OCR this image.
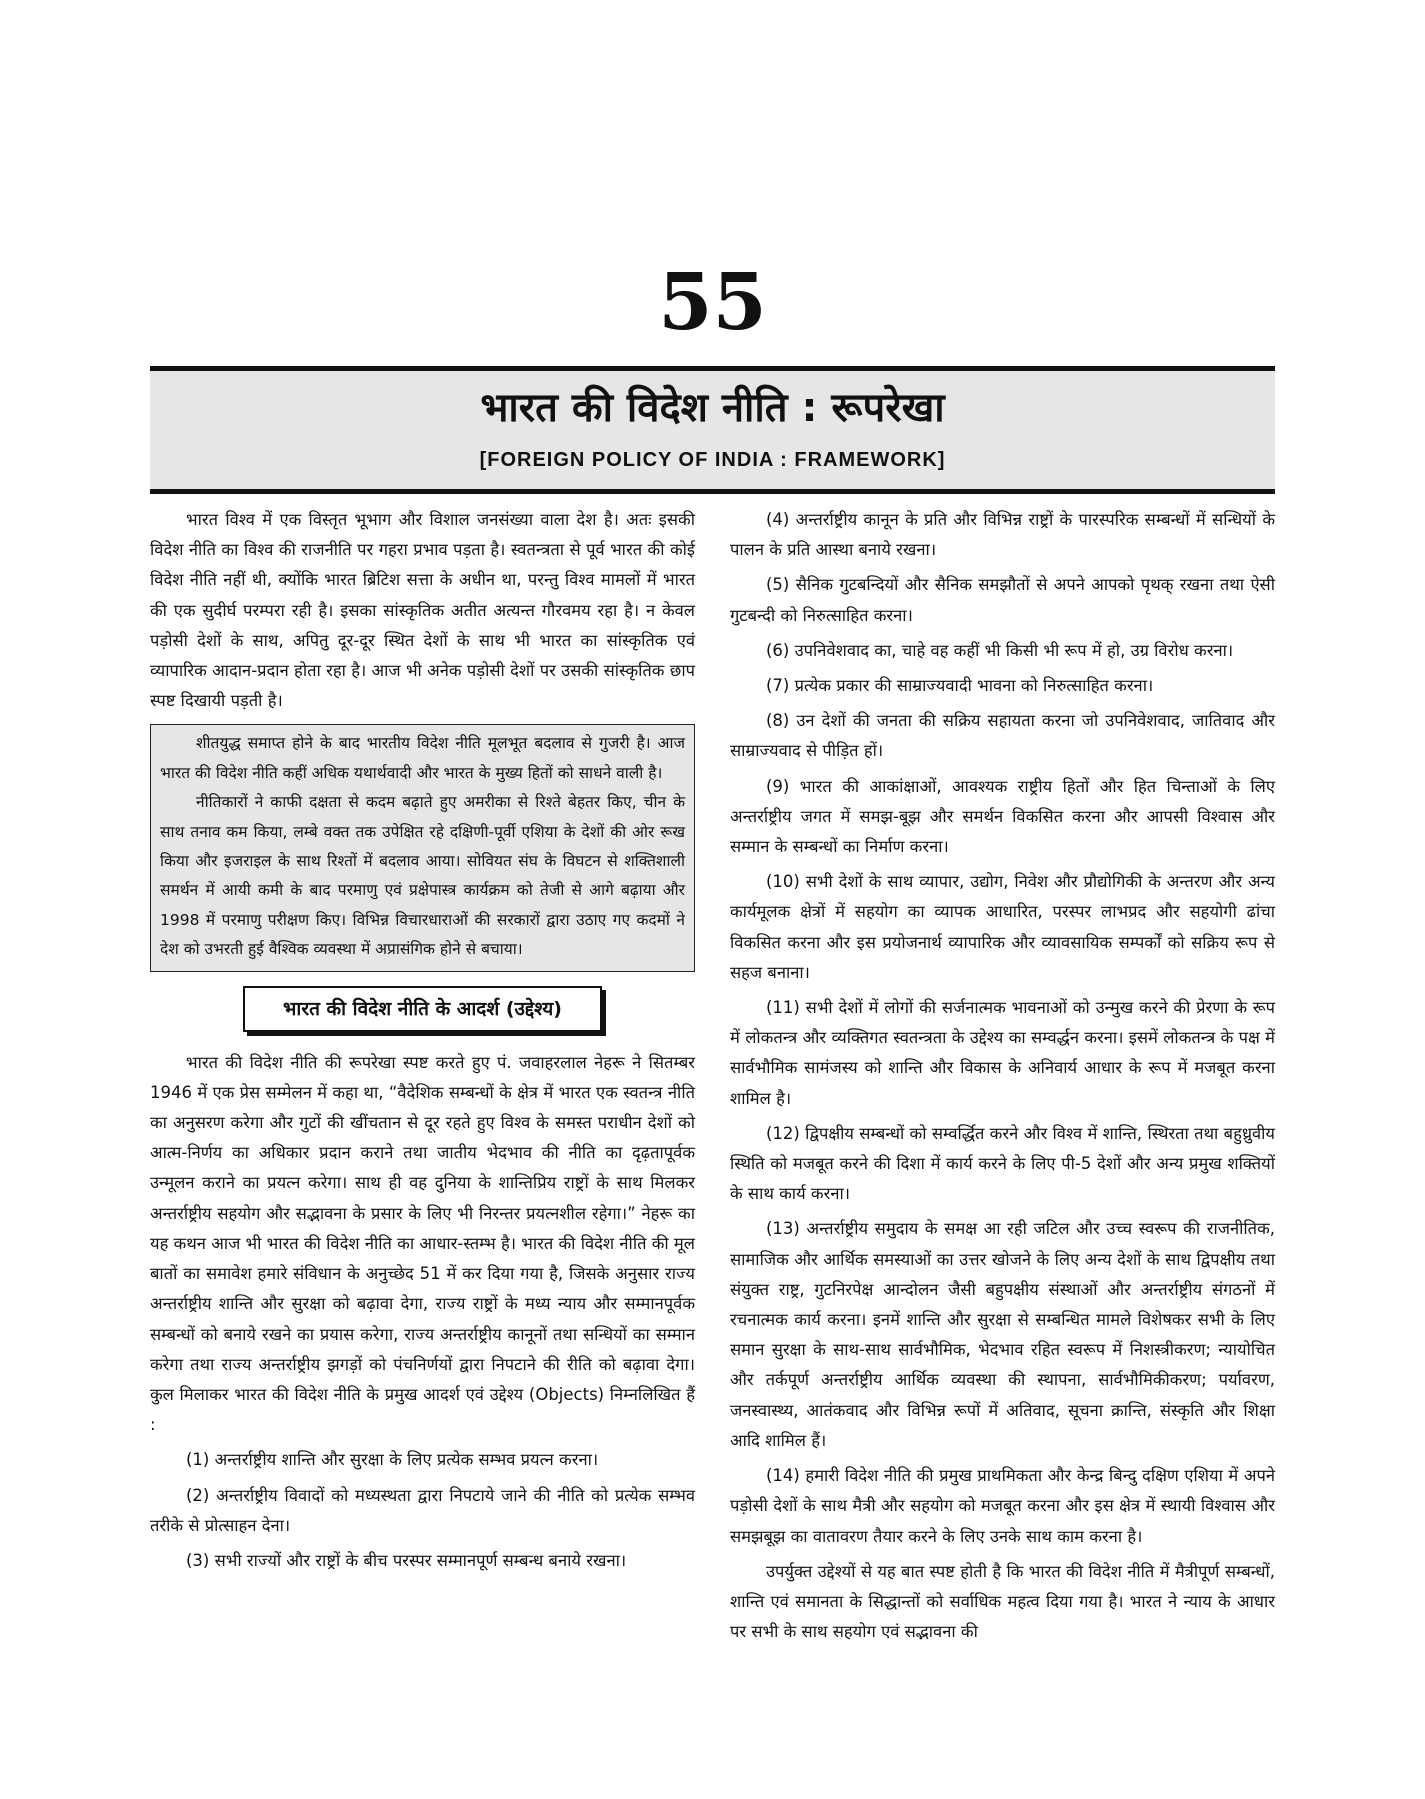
55
भारत की विदेश नीति : रूपरेखा
[FOREIGN POLICY OF INDIA : FRAMEWORK]

भारत विश्व में एक विस्तृत भूभाग और विशाल जनसंख्या वाला देश है। अतः इसकी विदेश नीति का विश्व की राजनीति पर गहरा प्रभाव पड़ता है। स्वतन्त्रता से पूर्व भारत की कोई विदेश नीति नहीं थी, क्योंकि भारत ब्रिटिश सत्ता के अधीन था, परन्तु विश्व मामलों में भारत की एक सुदीर्घ परम्परा रही है। इसका सांस्कृतिक अतीत अत्यन्त गौरवमय रहा है। न केवल पड़ोसी देशों के साथ, अपितु दूर-दूर स्थित देशों के साथ भी भारत का सांस्कृतिक एवं व्यापारिक आदान-प्रदान होता रहा है। आज भी अनेक पड़ोसी देशों पर उसकी सांस्कृतिक छाप स्पष्ट दिखायी पड़ती है।

शीतयुद्ध समाप्त होने के बाद भारतीय विदेश नीति मूलभूत बदलाव से गुजरी है। आज भारत की विदेश नीति कहीं अधिक यथार्थवादी और भारत के मुख्य हितों को साधने वाली है।

नीतिकारों ने काफी दक्षता से कदम बढ़ाते हुए अमरीका से रिश्ते बेहतर किए, चीन के साथ तनाव कम किया, लम्बे वक्त तक उपेक्षित रहे दक्षिणी-पूर्वी एशिया के देशों की ओर रूख किया और इजराइल के साथ रिश्तों में बदलाव आया। सोवियत संघ के विघटन से शक्तिशाली समर्थन में आयी कमी के बाद परमाणु एवं प्रक्षेपास्त्र कार्यक्रम को तेजी से आगे बढ़ाया और 1998 में परमाणु परीक्षण किए। विभिन्न विचारधाराओं की सरकारों द्वारा उठाए गए कदमों ने देश को उभरती हुई वैश्विक व्यवस्था में अप्रासंगिक होने से बचाया।

भारत की विदेश नीति के आदर्श (उद्देश्य)

भारत की विदेश नीति की रूपरेखा स्पष्ट करते हुए पं. जवाहरलाल नेहरू ने सितम्बर 1946 में एक प्रेस सम्मेलन में कहा था, “वैदेशिक सम्बन्धों के क्षेत्र में भारत एक स्वतन्त्र नीति का अनुसरण करेगा और गुटों की खींचतान से दूर रहते हुए विश्व के समस्त पराधीन देशों को आत्म-निर्णय का अधिकार प्रदान कराने तथा जातीय भेदभाव की नीति का दृढ़तापूर्वक उन्मूलन कराने का प्रयत्न करेगा। साथ ही वह दुनिया के शान्तिप्रिय राष्ट्रों के साथ मिलकर अन्तर्राष्ट्रीय सहयोग और सद्भावना के प्रसार के लिए भी निरन्तर प्रयत्नशील रहेगा।” नेहरू का यह कथन आज भी भारत की विदेश नीति का आधार-स्तम्भ है। भारत की विदेश नीति की मूल बातों का समावेश हमारे संविधान के अनुच्छेद 51 में कर दिया गया है, जिसके अनुसार राज्य अन्तर्राष्ट्रीय शान्ति और सुरक्षा को बढ़ावा देगा, राज्य राष्ट्रों के मध्य न्याय और सम्मानपूर्वक सम्बन्धों को बनाये रखने का प्रयास करेगा, राज्य अन्तर्राष्ट्रीय कानूनों तथा सन्धियों का सम्मान करेगा तथा राज्य अन्तर्राष्ट्रीय झगड़ों को पंचनिर्णयों द्वारा निपटाने की रीति को बढ़ावा देगा। कुल मिलाकर भारत की विदेश नीति के प्रमुख आदर्श एवं उद्देश्य (Objects) निम्नलिखित हैं :

(1) अन्तर्राष्ट्रीय शान्ति और सुरक्षा के लिए प्रत्येक सम्भव प्रयत्न करना।

(2) अन्तर्राष्ट्रीय विवादों को मध्यस्थता द्वारा निपटाये जाने की नीति को प्रत्येक सम्भव तरीके से प्रोत्साहन देना।

(3) सभी राज्यों और राष्ट्रों के बीच परस्पर सम्मानपूर्ण सम्बन्ध बनाये रखना।

(4) अन्तर्राष्ट्रीय कानून के प्रति और विभिन्न राष्ट्रों के पारस्परिक सम्बन्धों में सन्धियों के पालन के प्रति आस्था बनाये रखना।

(5) सैनिक गुटबन्दियों और सैनिक समझौतों से अपने आपको पृथक् रखना तथा ऐसी गुटबन्दी को निरुत्साहित करना।

(6) उपनिवेशवाद का, चाहे वह कहीं भी किसी भी रूप में हो, उग्र विरोध करना।

(7) प्रत्येक प्रकार की साम्राज्यवादी भावना को निरुत्साहित करना।

(8) उन देशों की जनता की सक्रिय सहायता करना जो उपनिवेशवाद, जातिवाद और साम्राज्यवाद से पीड़ित हों।

(9) भारत की आकांक्षाओं, आवश्यक राष्ट्रीय हितों और हित चिन्ताओं के लिए अन्तर्राष्ट्रीय जगत में समझ-बूझ और समर्थन विकसित करना और आपसी विश्वास और सम्मान के सम्बन्धों का निर्माण करना।

(10) सभी देशों के साथ व्यापार, उद्योग, निवेश और प्रौद्योगिकी के अन्तरण और अन्य कार्यमूलक क्षेत्रों में सहयोग का व्यापक आधारित, परस्पर लाभप्रद और सहयोगी ढांचा विकसित करना और इस प्रयोजनार्थ व्यापारिक और व्यावसायिक सम्पर्कों को सक्रिय रूप से सहज बनाना।

(11) सभी देशों में लोगों की सर्जनात्मक भावनाओं को उन्मुख करने की प्रेरणा के रूप में लोकतन्त्र और व्यक्तिगत स्वतन्त्रता के उद्देश्य का सम्वर्द्धन करना। इसमें लोकतन्त्र के पक्ष में सार्वभौमिक सामंजस्य को शान्ति और विकास के अनिवार्य आधार के रूप में मजबूत करना शामिल है।

(12) द्विपक्षीय सम्बन्धों को सम्वर्द्धित करने और विश्व में शान्ति, स्थिरता तथा बहुध्रुवीय स्थिति को मजबूत करने की दिशा में कार्य करने के लिए पी-5 देशों और अन्य प्रमुख शक्तियों के साथ कार्य करना।

(13) अन्तर्राष्ट्रीय समुदाय के समक्ष आ रही जटिल और उच्च स्वरूप की राजनीतिक, सामाजिक और आर्थिक समस्याओं का उत्तर खोजने के लिए अन्य देशों के साथ द्विपक्षीय तथा संयुक्त राष्ट्र, गुटनिरपेक्ष आन्दोलन जैसी बहुपक्षीय संस्थाओं और अन्तर्राष्ट्रीय संगठनों में रचनात्मक कार्य करना। इनमें शान्ति और सुरक्षा से सम्बन्धित मामले विशेषकर सभी के लिए समान सुरक्षा के साथ-साथ सार्वभौमिक, भेदभाव रहित स्वरूप में निशस्त्रीकरण; न्यायोचित और तर्कपूर्ण अन्तर्राष्ट्रीय आर्थिक व्यवस्था की स्थापना, सार्वभौमिकीकरण; पर्यावरण, जनस्वास्थ्य, आतंकवाद और विभिन्न रूपों में अतिवाद, सूचना क्रान्ति, संस्कृति और शिक्षा आदि शामिल हैं।

(14) हमारी विदेश नीति की प्रमुख प्राथमिकता और केन्द्र बिन्दु दक्षिण एशिया में अपने पड़ोसी देशों के साथ मैत्री और सहयोग को मजबूत करना और इस क्षेत्र में स्थायी विश्वास और समझबूझ का वातावरण तैयार करने के लिए उनके साथ काम करना है।

उपर्युक्त उद्देश्यों से यह बात स्पष्ट होती है कि भारत की विदेश नीति में मैत्रीपूर्ण सम्बन्धों, शान्ति एवं समानता के सिद्धान्तों को सर्वाधिक महत्व दिया गया है। भारत ने न्याय के आधार पर सभी के साथ सहयोग एवं सद्भावना की
